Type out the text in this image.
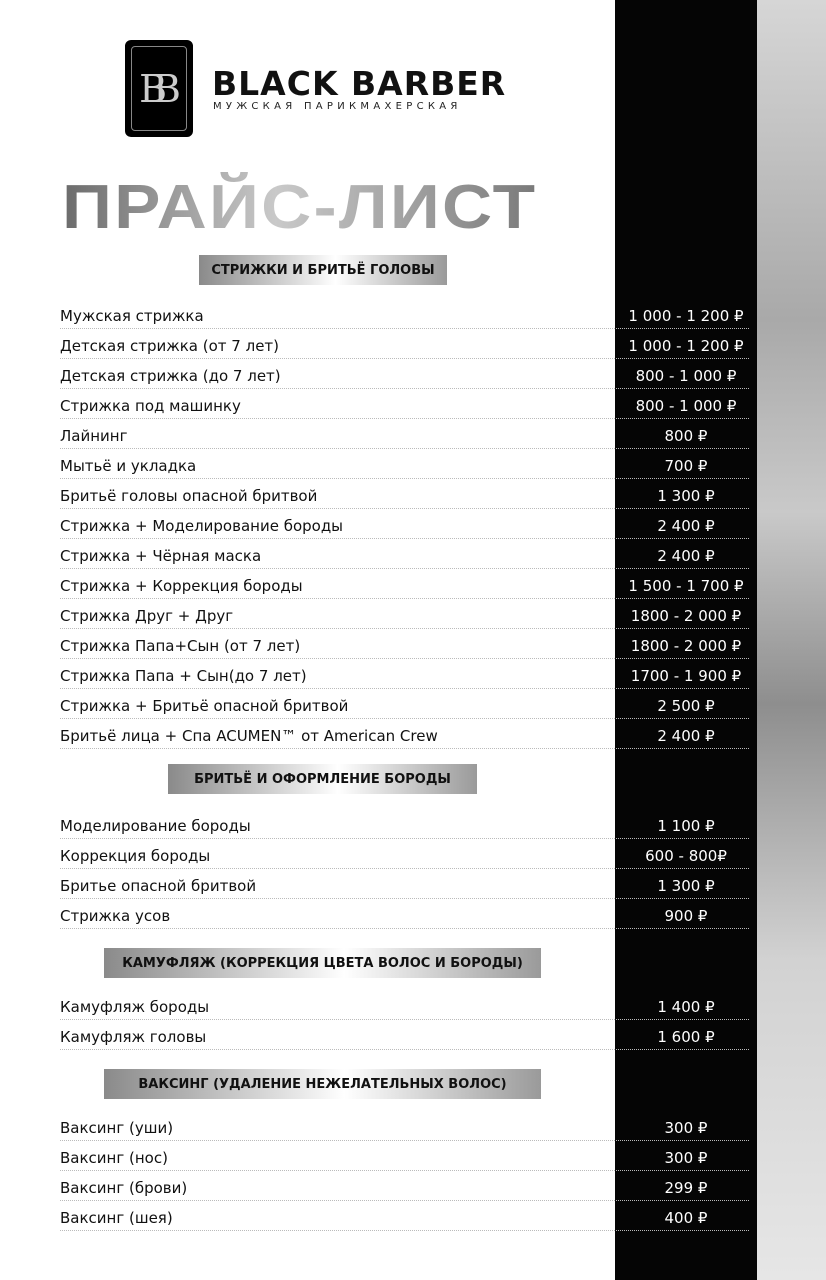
BB	BLACK BARBER
МУЖСКАЯ ПАРИКМАХЕРСКАЯ
ПРАЙС-ЛИСТ
СТРИЖКИ И БРИТЬЁ ГОЛОВЫ
Мужская стрижка	1 000 - 1 200 ₽
Детская стрижка (от 7 лет)	1 000 - 1 200 ₽
Детская стрижка (до 7 лет)	800 - 1 000 ₽
Стрижка под машинку	800 - 1 000 ₽
Лайнинг	800 ₽
Мытьё и укладка	700 ₽
Бритьё головы опасной бритвой	1 300 ₽
Стрижка + Моделирование бороды	2 400 ₽
Стрижка + Чёрная маска	2 400 ₽
Стрижка + Коррекция бороды	1 500 - 1 700 ₽
Стрижка Друг + Друг	1800 - 2 000 ₽
Стрижка Папа+Сын (от 7 лет)	1800 - 2 000 ₽
Стрижка Папа + Сын(до 7 лет)	1700 - 1 900 ₽
Стрижка + Бритьё опасной бритвой	2 500 ₽
Бритьё лица + Спа ACUMEN™ от American Crew	2 400 ₽
БРИТЬЁ И ОФОРМЛЕНИЕ БОРОДЫ
Моделирование бороды	1 100 ₽
Коррекция бороды	600 - 800₽
Бритье опасной бритвой	1 300 ₽
Стрижка усов	900 ₽
КАМУФЛЯЖ (КОРРЕКЦИЯ ЦВЕТА ВОЛОС И БОРОДЫ)
Камуфляж бороды	1 400 ₽
Камуфляж головы	1 600 ₽
ВАКСИНГ (УДАЛЕНИЕ НЕЖЕЛАТЕЛЬНЫХ ВОЛОС)
Ваксинг (уши)	300 ₽
Ваксинг (нос)	300 ₽
Ваксинг (брови)	299 ₽
Ваксинг (шея)	400 ₽
